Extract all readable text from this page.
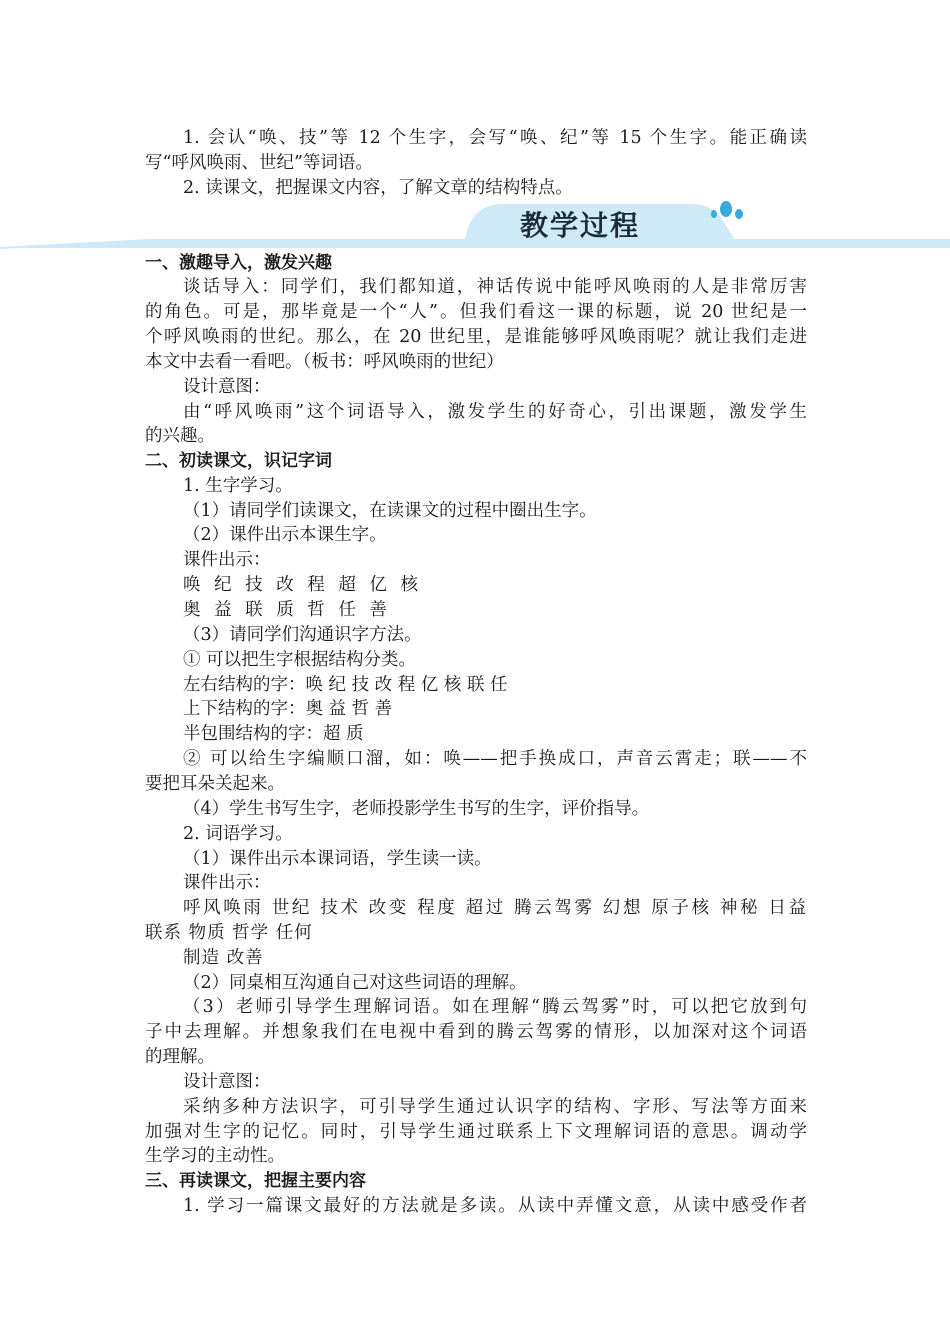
1. 会认“唤、技”等 12 个生字，会写“唤、纪”等 15 个生字。能正确读
写“呼风唤雨、世纪”等词语。
2. 读课文，把握课文内容，了解文章的结构特点。
教学过程
一、激趣导入，激发兴趣
谈话导入：同学们，我们都知道，神话传说中能呼风唤雨的人是非常厉害
的角色。可是，那毕竟是一个“人”。但我们看这一课的标题，说 20 世纪是一
个呼风唤雨的世纪。那么，在 20 世纪里，是谁能够呼风唤雨呢？就让我们走进
本文中去看一看吧。（板书：呼风唤雨的世纪）
设计意图：
由“呼风唤雨”这个词语导入，激发学生的好奇心，引出课题，激发学生
的兴趣。
二、初读课文，识记字词
1. 生字学习。
（1）请同学们读课文，在读课文的过程中圈出生字。
（2）课件出示本课生字。
课件出示：
唤 纪 技 改 程 超 亿 核
奥 益 联 质 哲 任 善
（3）请同学们沟通识字方法。
① 可以把生字根据结构分类。
左右结构的字：唤 纪 技 改 程 亿 核 联 任
上下结构的字：奥 益 哲 善
半包围结构的字：超 质
② 可以给生字编顺口溜，如：唤——把手换成口，声音云霄走；联——不
要把耳朵关起来。
（4）学生书写生字，老师投影学生书写的生字，评价指导。
2. 词语学习。
（1）课件出示本课词语，学生读一读。
课件出示：
呼风唤雨 世纪 技术 改变 程度 超过 腾云驾雾 幻想 原子核 神秘 日益
联系 物质 哲学 任何
制造 改善
（2）同桌相互沟通自己对这些词语的理解。
（3）老师引导学生理解词语。如在理解“腾云驾雾”时，可以把它放到句
子中去理解。并想象我们在电视中看到的腾云驾雾的情形，以加深对这个词语
的理解。
设计意图：
采纳多种方法识字，可引导学生通过认识字的结构、字形、写法等方面来
加强对生字的记忆。同时，引导学生通过联系上下文理解词语的意思。调动学
生学习的主动性。
三、再读课文，把握主要内容
1. 学习一篇课文最好的方法就是多读。从读中弄懂文意，从读中感受作者
